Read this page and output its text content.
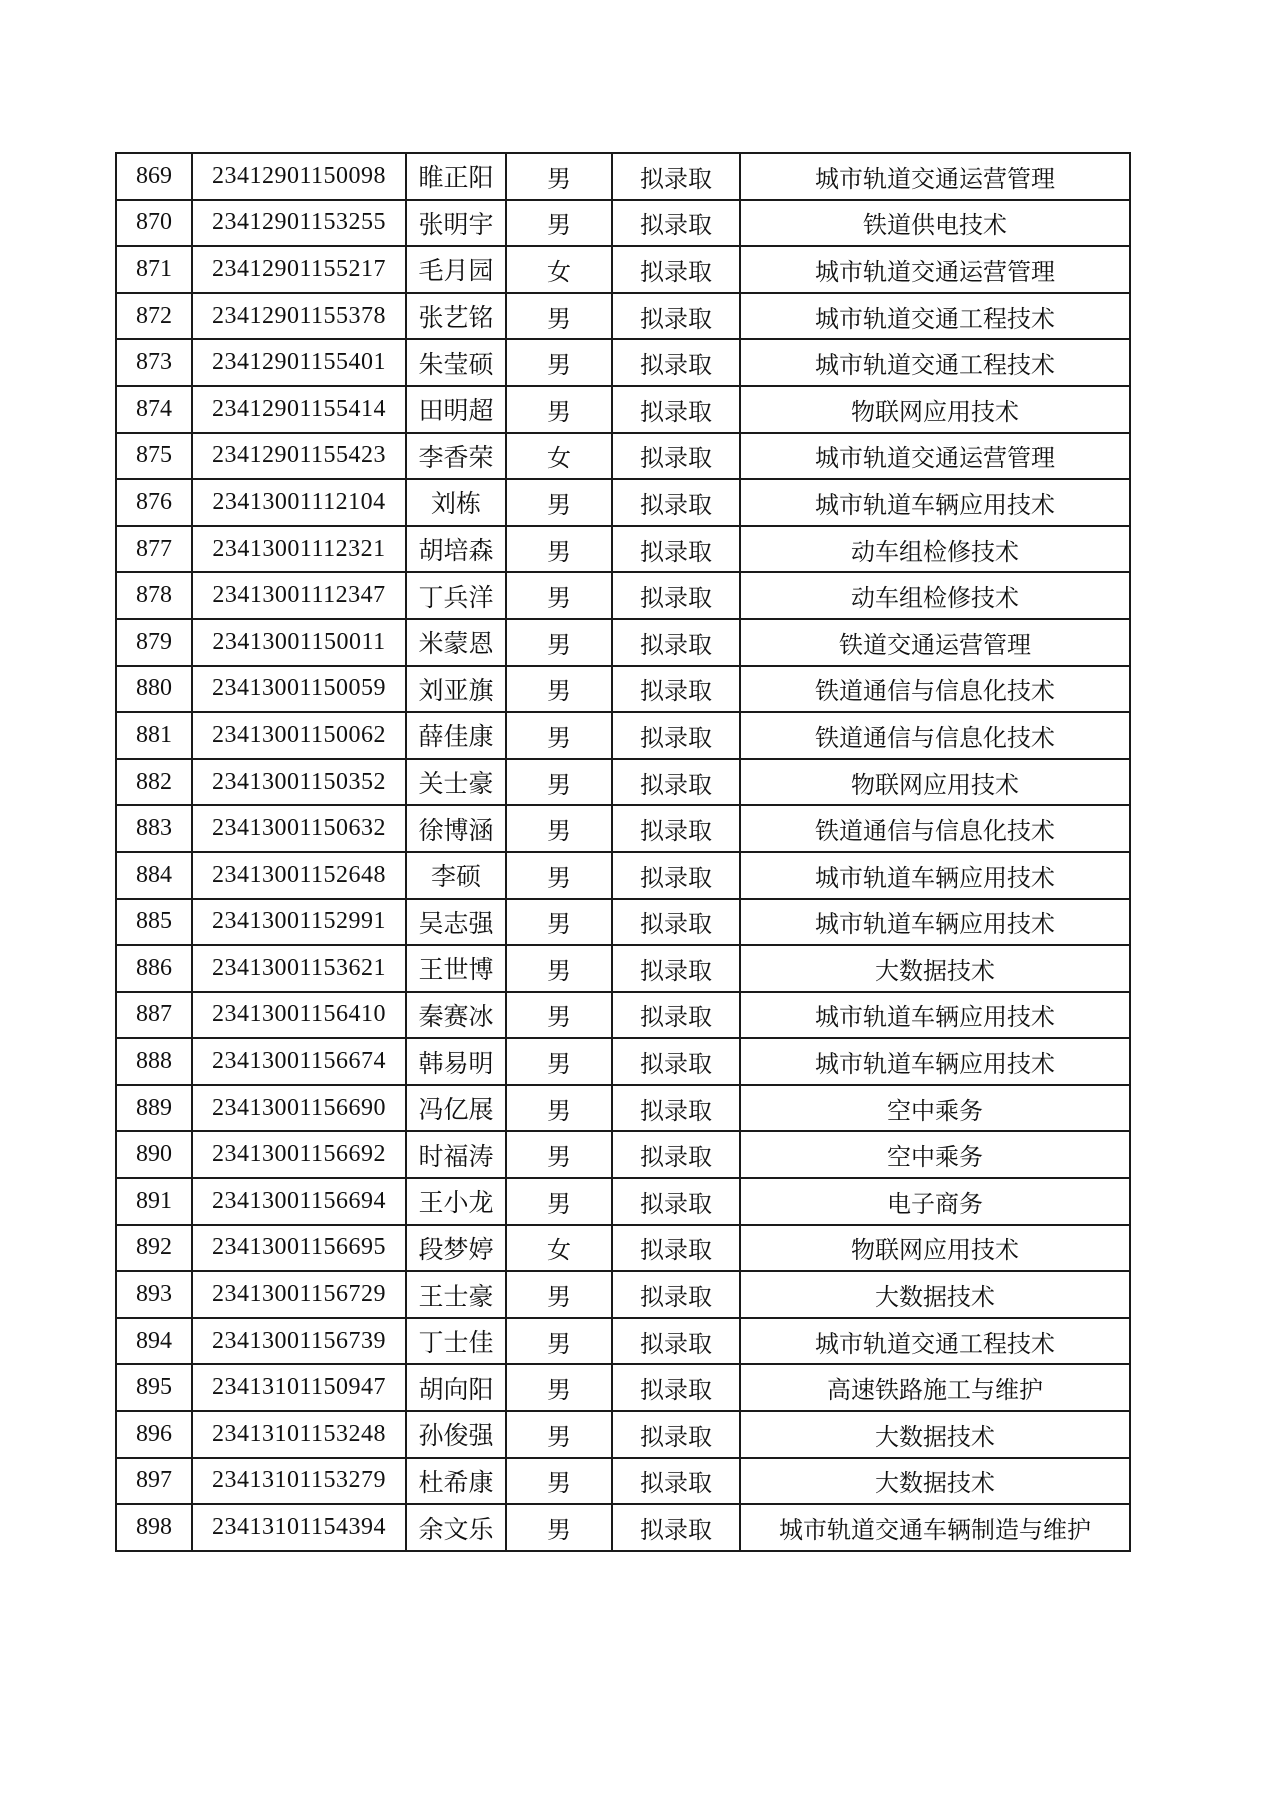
869	23412901150098	睢正阳	男	拟录取	城市轨道交通运营管理
870	23412901153255	张明宇	男	拟录取	铁道供电技术
871	23412901155217	毛月园	女	拟录取	城市轨道交通运营管理
872	23412901155378	张艺铭	男	拟录取	城市轨道交通工程技术
873	23412901155401	朱莹硕	男	拟录取	城市轨道交通工程技术
874	23412901155414	田明超	男	拟录取	物联网应用技术
875	23412901155423	李香荣	女	拟录取	城市轨道交通运营管理
876	23413001112104	刘栋	男	拟录取	城市轨道车辆应用技术
877	23413001112321	胡培森	男	拟录取	动车组检修技术
878	23413001112347	丁兵洋	男	拟录取	动车组检修技术
879	23413001150011	米蒙恩	男	拟录取	铁道交通运营管理
880	23413001150059	刘亚旗	男	拟录取	铁道通信与信息化技术
881	23413001150062	薛佳康	男	拟录取	铁道通信与信息化技术
882	23413001150352	关士豪	男	拟录取	物联网应用技术
883	23413001150632	徐博涵	男	拟录取	铁道通信与信息化技术
884	23413001152648	李硕	男	拟录取	城市轨道车辆应用技术
885	23413001152991	吴志强	男	拟录取	城市轨道车辆应用技术
886	23413001153621	王世博	男	拟录取	大数据技术
887	23413001156410	秦赛冰	男	拟录取	城市轨道车辆应用技术
888	23413001156674	韩易明	男	拟录取	城市轨道车辆应用技术
889	23413001156690	冯亿展	男	拟录取	空中乘务
890	23413001156692	时福涛	男	拟录取	空中乘务
891	23413001156694	王小龙	男	拟录取	电子商务
892	23413001156695	段梦婷	女	拟录取	物联网应用技术
893	23413001156729	王士豪	男	拟录取	大数据技术
894	23413001156739	丁士佳	男	拟录取	城市轨道交通工程技术
895	23413101150947	胡向阳	男	拟录取	高速铁路施工与维护
896	23413101153248	孙俊强	男	拟录取	大数据技术
897	23413101153279	杜希康	男	拟录取	大数据技术
898	23413101154394	余文乐	男	拟录取	城市轨道交通车辆制造与维护
